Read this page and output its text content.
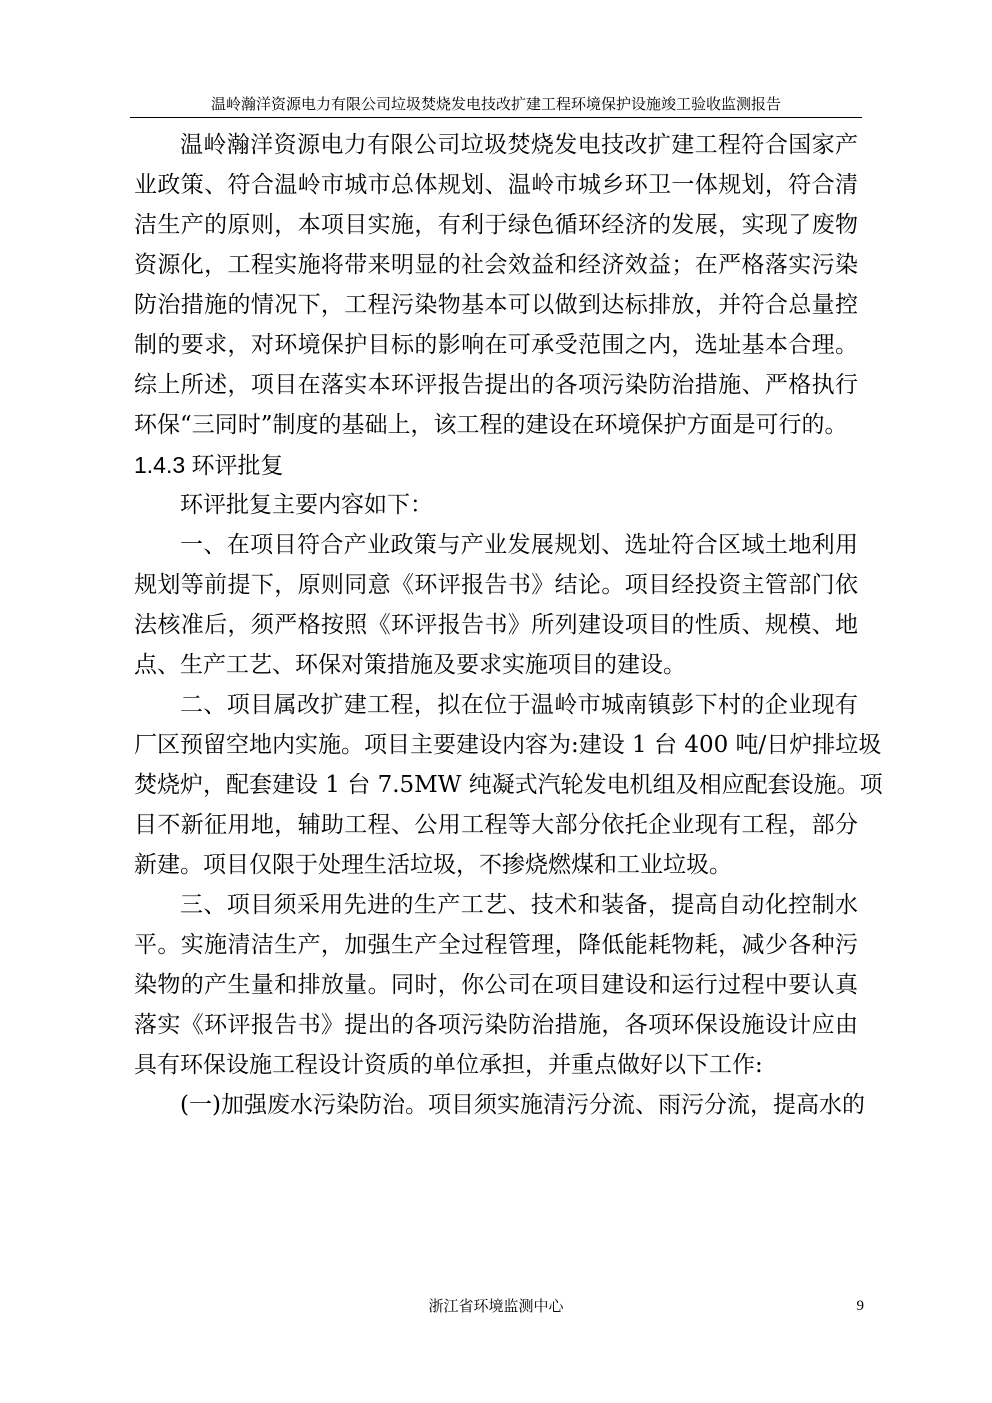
温岭瀚洋资源电力有限公司垃圾焚烧发电技改扩建工程环境保护设施竣工验收监测报告
温岭瀚洋资源电力有限公司垃圾焚烧发电技改扩建工程符合国家产
业政策、符合温岭市城市总体规划、温岭市城乡环卫一体规划，符合清
洁生产的原则，本项目实施，有利于绿色循环经济的发展，实现了废物
资源化，工程实施将带来明显的社会效益和经济效益；在严格落实污染
防治措施的情况下，工程污染物基本可以做到达标排放，并符合总量控
制的要求，对环境保护目标的影响在可承受范围之内，选址基本合理。
综上所述，项目在落实本环评报告提出的各项污染防治措施、严格执行
环保“三同时”制度的基础上，该工程的建设在环境保护方面是可行的。
1.4.3 环评批复
环评批复主要内容如下：
一、在项目符合产业政策与产业发展规划、选址符合区域土地利用
规划等前提下，原则同意《环评报告书》结论。项目经投资主管部门依
法核准后，须严格按照《环评报告书》所列建设项目的性质、规模、地
点、生产工艺、环保对策措施及要求实施项目的建设。
二、项目属改扩建工程，拟在位于温岭市城南镇彭下村的企业现有
厂区预留空地内实施。项目主要建设内容为:建设 1 台 400 吨/日炉排垃圾
焚烧炉，配套建设 1 台 7.5MW 纯凝式汽轮发电机组及相应配套设施。项
目不新征用地，辅助工程、公用工程等大部分依托企业现有工程，部分
新建。项目仅限于处理生活垃圾，不掺烧燃煤和工业垃圾。
三、项目须采用先进的生产工艺、技术和装备，提高自动化控制水
平。实施清洁生产，加强生产全过程管理，降低能耗物耗，减少各种污
染物的产生量和排放量。同时，你公司在项目建设和运行过程中要认真
落实《环评报告书》提出的各项污染防治措施，各项环保设施设计应由
具有环保设施工程设计资质的单位承担，并重点做好以下工作:
(一)加强废水污染防治。项目须实施清污分流、雨污分流，提高水的
浙江省环境监测中心	9
